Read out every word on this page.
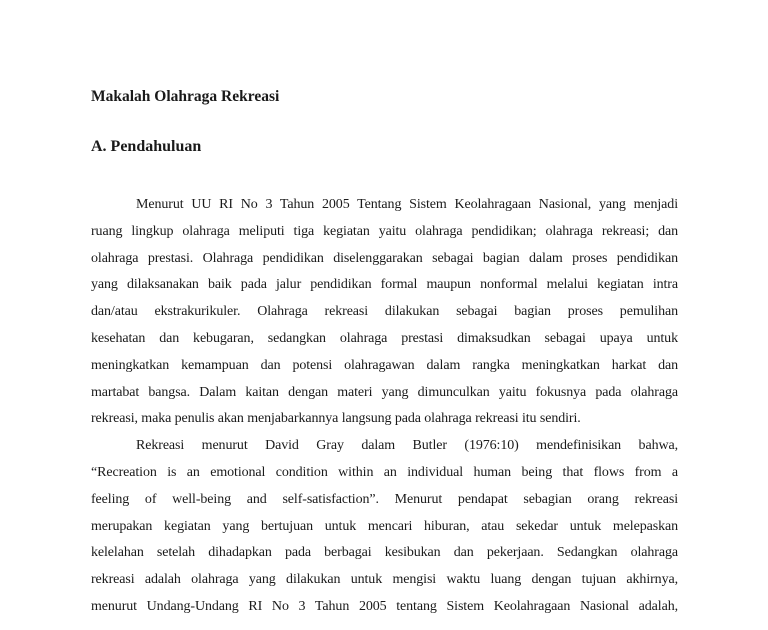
Makalah Olahraga Rekreasi
A. Pendahuluan
Menurut UU RI No 3 Tahun 2005 Tentang Sistem Keolahragaan Nasional, yang menjadi
ruang lingkup olahraga meliputi tiga kegiatan yaitu olahraga pendidikan; olahraga rekreasi; dan
olahraga prestasi. Olahraga pendidikan diselenggarakan sebagai bagian dalam proses pendidikan
yang dilaksanakan baik pada jalur pendidikan formal maupun nonformal melalui kegiatan intra
dan/atau ekstrakurikuler. Olahraga rekreasi dilakukan sebagai bagian proses pemulihan
kesehatan dan kebugaran, sedangkan olahraga prestasi dimaksudkan sebagai upaya untuk
meningkatkan kemampuan dan potensi olahragawan dalam rangka meningkatkan harkat dan
martabat bangsa. Dalam kaitan dengan materi yang dimunculkan yaitu fokusnya pada olahraga
rekreasi, maka penulis akan menjabarkannya langsung pada olahraga rekreasi itu sendiri.
Rekreasi menurut David Gray dalam Butler (1976:10) mendefinisikan bahwa,
“Recreation is an emotional condition within an individual human being that flows from a
feeling of well-being and self-satisfaction”. Menurut pendapat sebagian orang rekreasi
merupakan kegiatan yang bertujuan untuk mencari hiburan, atau sekedar untuk melepaskan
kelelahan setelah dihadapkan pada berbagai kesibukan dan pekerjaan. Sedangkan olahraga
rekreasi adalah olahraga yang dilakukan untuk mengisi waktu luang dengan tujuan akhirnya,
menurut Undang-Undang RI No 3 Tahun 2005 tentang Sistem Keolahragaan Nasional adalah,
